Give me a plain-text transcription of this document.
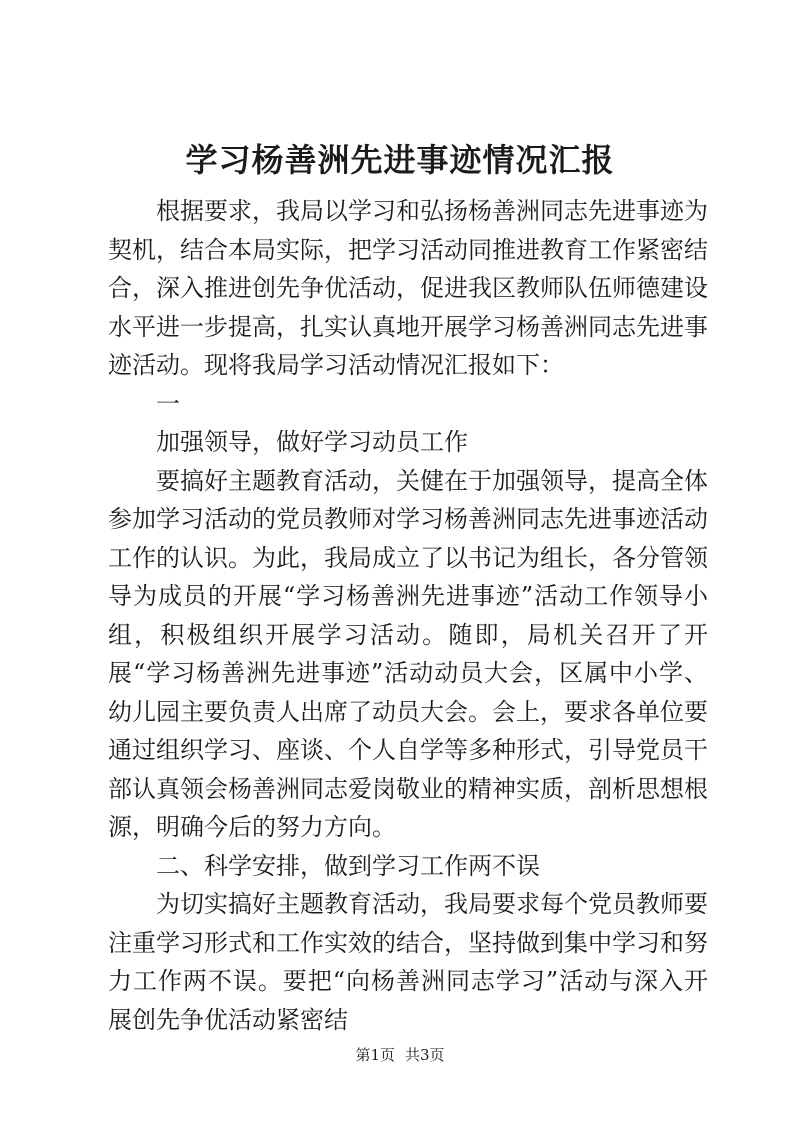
学习杨善洲先进事迹情况汇报

根据要求，我局以学习和弘扬杨善洲同志先进事迹为契机，结合本局实际，把学习活动同推进教育工作紧密结合，深入推进创先争优活动，促进我区教师队伍师德建设水平进一步提高，扎实认真地开展学习杨善洲同志先进事迹活动。现将我局学习活动情况汇报如下：

一

加强领导，做好学习动员工作

要搞好主题教育活动，关健在于加强领导，提高全体参加学习活动的党员教师对学习杨善洲同志先进事迹活动工作的认识。为此，我局成立了以书记为组长，各分管领导为成员的开展“学习杨善洲先进事迹”活动工作领导小组，积极组织开展学习活动。随即，局机关召开了开展“学习杨善洲先进事迹”活动动员大会，区属中小学、幼儿园主要负责人出席了动员大会。会上，要求各单位要通过组织学习、座谈、个人自学等多种形式，引导党员干部认真领会杨善洲同志爱岗敬业的精神实质，剖析思想根源，明确今后的努力方向。

二、科学安排，做到学习工作两不误

为切实搞好主题教育活动，我局要求每个党员教师要注重学习形式和工作实效的结合，坚持做到集中学习和努力工作两不误。要把“向杨善洲同志学习”活动与深入开展创先争优活动紧密结

第1页 共3页
